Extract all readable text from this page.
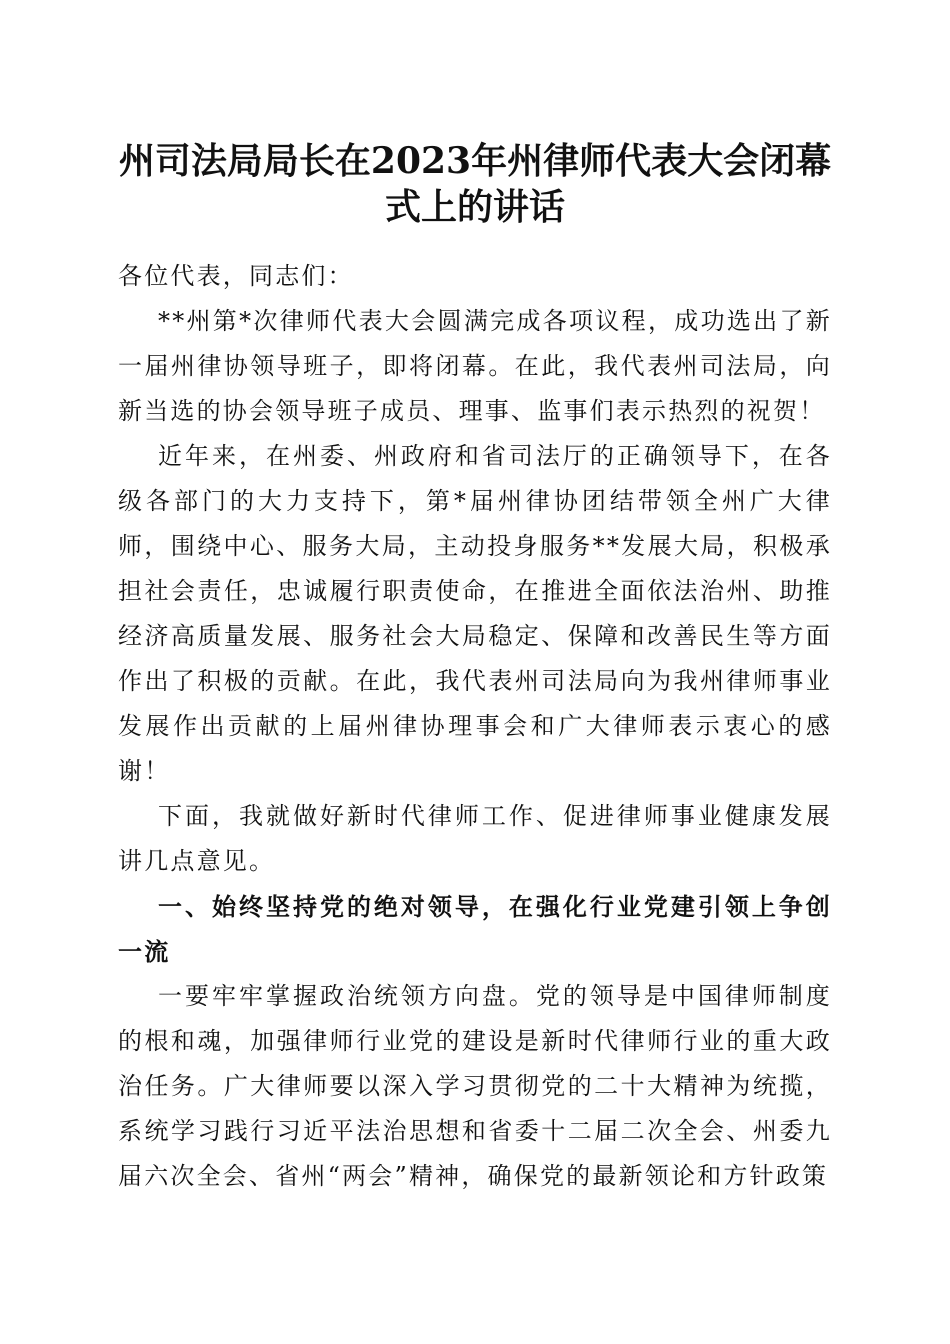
州司法局局长在2023年州律师代表大会闭幕式上的讲话

各位代表，同志们：

**州第*次律师代表大会圆满完成各项议程，成功选出了新一届州律协领导班子，即将闭幕。在此，我代表州司法局，向新当选的协会领导班子成员、理事、监事们表示热烈的祝贺！

近年来，在州委、州政府和省司法厅的正确领导下，在各级各部门的大力支持下，第*届州律协团结带领全州广大律师，围绕中心、服务大局，主动投身服务**发展大局，积极承担社会责任，忠诚履行职责使命，在推进全面依法治州、助推经济高质量发展、服务社会大局稳定、保障和改善民生等方面作出了积极的贡献。在此，我代表州司法局向为我州律师事业发展作出贡献的上届州律协理事会和广大律师表示衷心的感谢！

下面，我就做好新时代律师工作、促进律师事业健康发展讲几点意见。

一、始终坚持党的绝对领导，在强化行业党建引领上争创一流

一要牢牢掌握政治统领方向盘。党的领导是中国律师制度的根和魂，加强律师行业党的建设是新时代律师行业的重大政治任务。广大律师要以深入学习贯彻党的二十大精神为统揽，系统学习践行习近平法治思想和省委十二届二次全会、州委九届六次全会、省州“两会”精神，确保党的最新领论和方针政策
